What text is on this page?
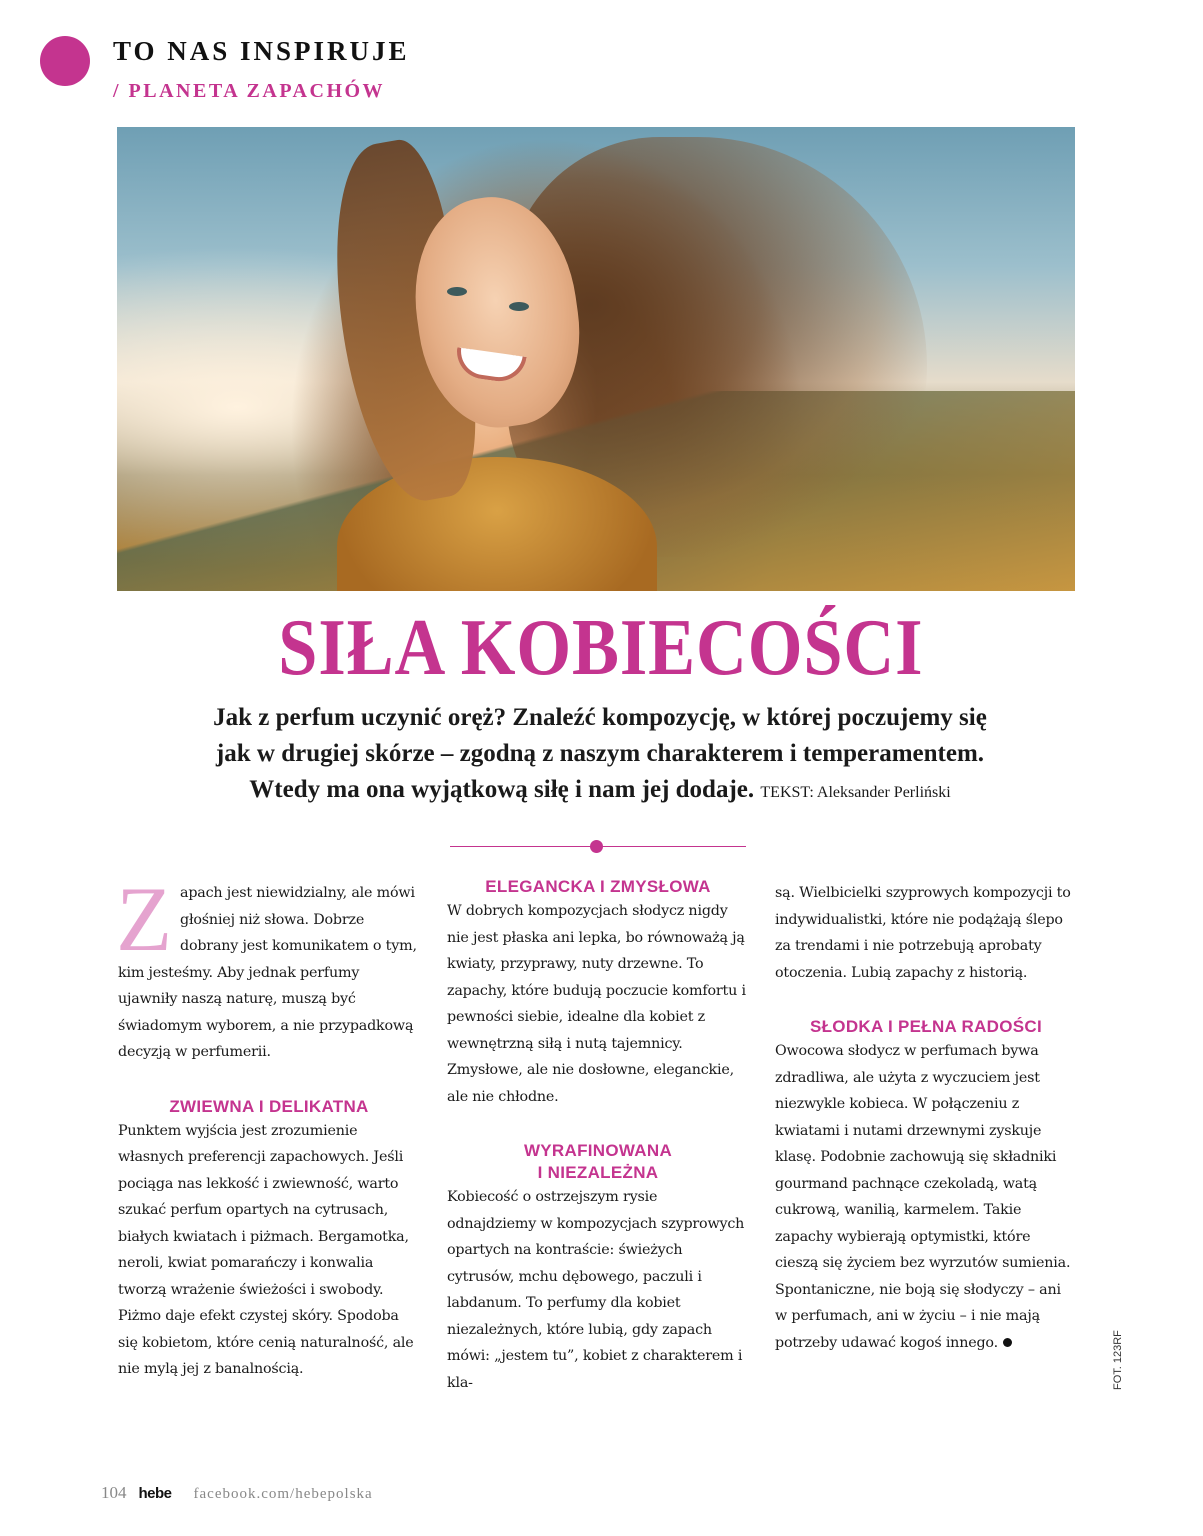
TO NAS INSPIRUJE
/ PLANETA ZAPACHÓW
SIŁA KOBIECOŚCI
Jak z perfum uczynić oręż? Znaleźć kompozycję, w której poczujemy się
jak w drugiej skórze – zgodną z naszym charakterem i temperamentem.
Wtedy ma ona wyjątkową siłę i nam jej dodaje. TEKST: Aleksander Perliński

Zapach jest niewidzialny, ale mówi głośniej niż słowa. Dobrze dobrany jest komunikatem o tym, kim jesteśmy. Aby jednak perfumy ujawniły naszą naturę, muszą być świadomym wyborem, a nie przypadkową decyzją w perfumerii.

ZWIEWNA I DELIKATNA

Punktem wyjścia jest zrozumienie własnych preferencji zapachowych. Jeśli pociąga nas lekkość i zwiewność, warto szukać perfum opartych na cytrusach, białych kwiatach i piżmach. Bergamotka, neroli, kwiat pomarańczy i konwalia tworzą wrażenie świeżości i swobody. Piżmo daje efekt czystej skóry. Spodoba się kobietom, które cenią naturalność, ale nie mylą jej z banalnością.

ELEGANCKA I ZMYSŁOWA

W dobrych kompozycjach słodycz nigdy nie jest płaska ani lepka, bo równoważą ją kwiaty, przyprawy, nuty drzewne. To zapachy, które budują poczucie komfortu i pewności siebie, idealne dla kobiet z wewnętrzną siłą i nutą tajemnicy. Zmysłowe, ale nie dosłowne, eleganckie, ale nie chłodne.

WYRAFINOWANA
I NIEZALEŻNA

Kobiecość o ostrzejszym rysie odnajdziemy w kompozycjach szyprowych opartych na kontraście: świeżych cytrusów, mchu dębowego, paczuli i labdanum. To perfumy dla kobiet niezależnych, które lubią, gdy zapach mówi: „jestem tu”, kobiet z charakterem i kla-

są. Wielbicielki szyprowych kompozycji to indywidualistki, które nie podążają ślepo za trendami i nie potrzebują aprobaty otoczenia. Lubią zapachy z historią.

SŁODKA I PEŁNA RADOŚCI

Owocowa słodycz w perfumach bywa zdradliwa, ale użyta z wyczuciem jest niezwykle kobieca. W połączeniu z kwiatami i nutami drzewnymi zyskuje klasę. Podobnie zachowują się składniki gourmand pachnące czekoladą, watą cukrową, wanilią, karmelem. Takie zapachy wybierają optymistki, które cieszą się życiem bez wyrzutów sumienia. Spontaniczne, nie boją się słodyczy – ani w perfumach, ani w życiu – i nie mają potrzeby udawać kogoś innego.	FOT. 123RF
104 hebe facebook.com/hebepolska
